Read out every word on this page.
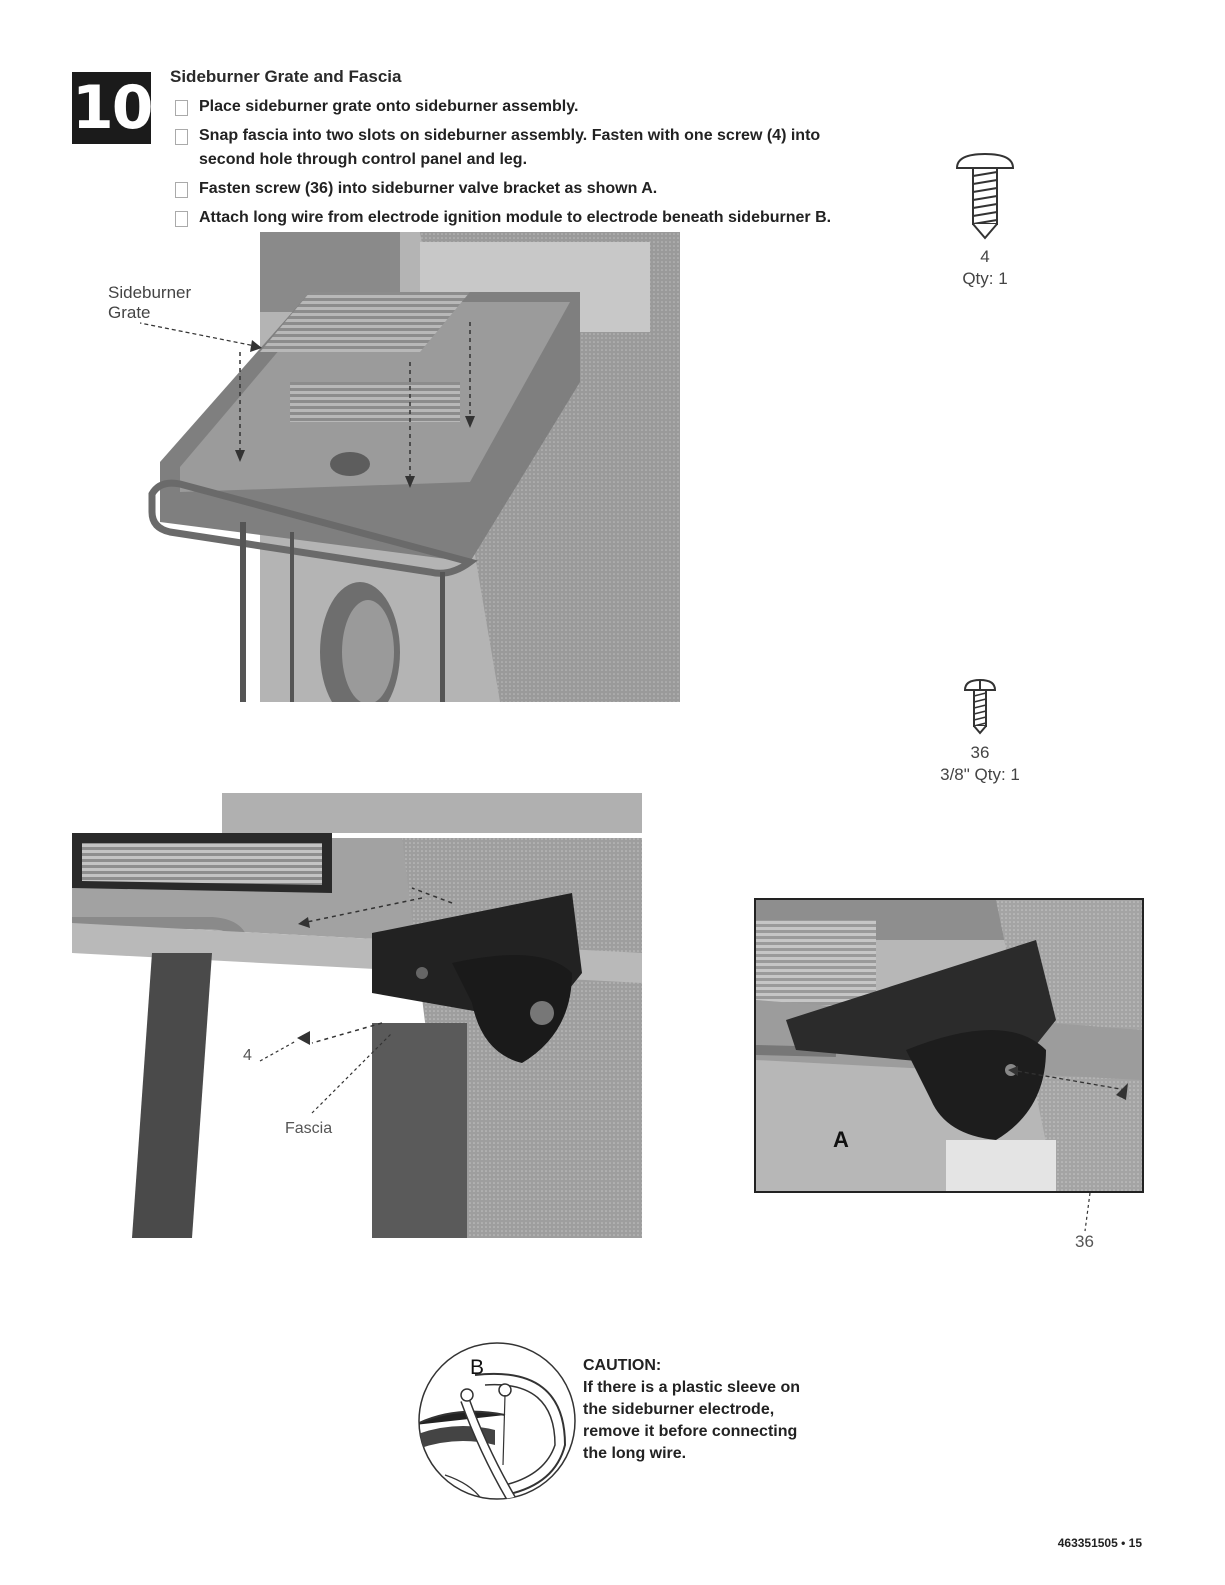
10 Sideburner Grate and Fascia
Place sideburner grate onto sideburner assembly.
Snap fascia into two slots on sideburner assembly. Fasten with one screw (4) into second hole through control panel and leg.
Fasten screw (36) into sideburner valve bracket as shown A.
Attach long wire from electrode ignition module to electrode beneath sideburner B.
Sideburner
Grate
4
Qty: 1
36
3/8" Qty: 1
4
Fascia	A
36
B	CAUTION:
If there is a plastic sleeve on the sideburner electrode, remove it before connecting the long wire.
463351505 • 15
